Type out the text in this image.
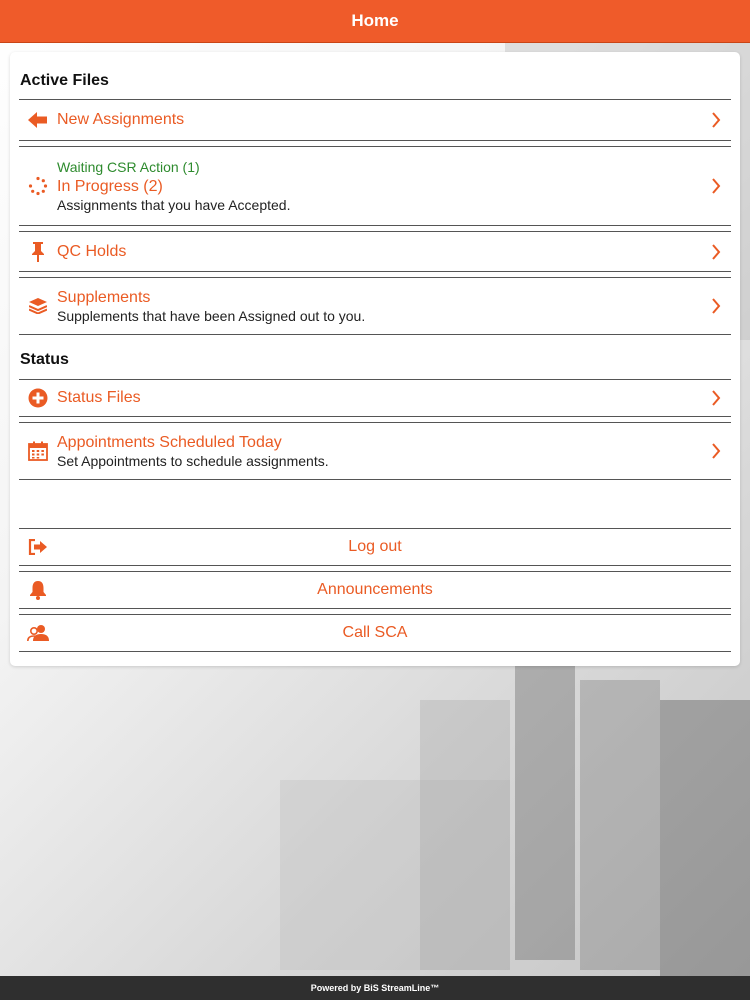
Home
Active Files
New Assignments
Waiting CSR Action (1)
In Progress (2)
Assignments that you have Accepted.
QC Holds
Supplements
Supplements that have been Assigned out to you.
Status
Status Files
Appointments Scheduled Today
Set Appointments to schedule assignments.
Log out
Announcements
Call SCA
Powered by BiS StreamLine™
